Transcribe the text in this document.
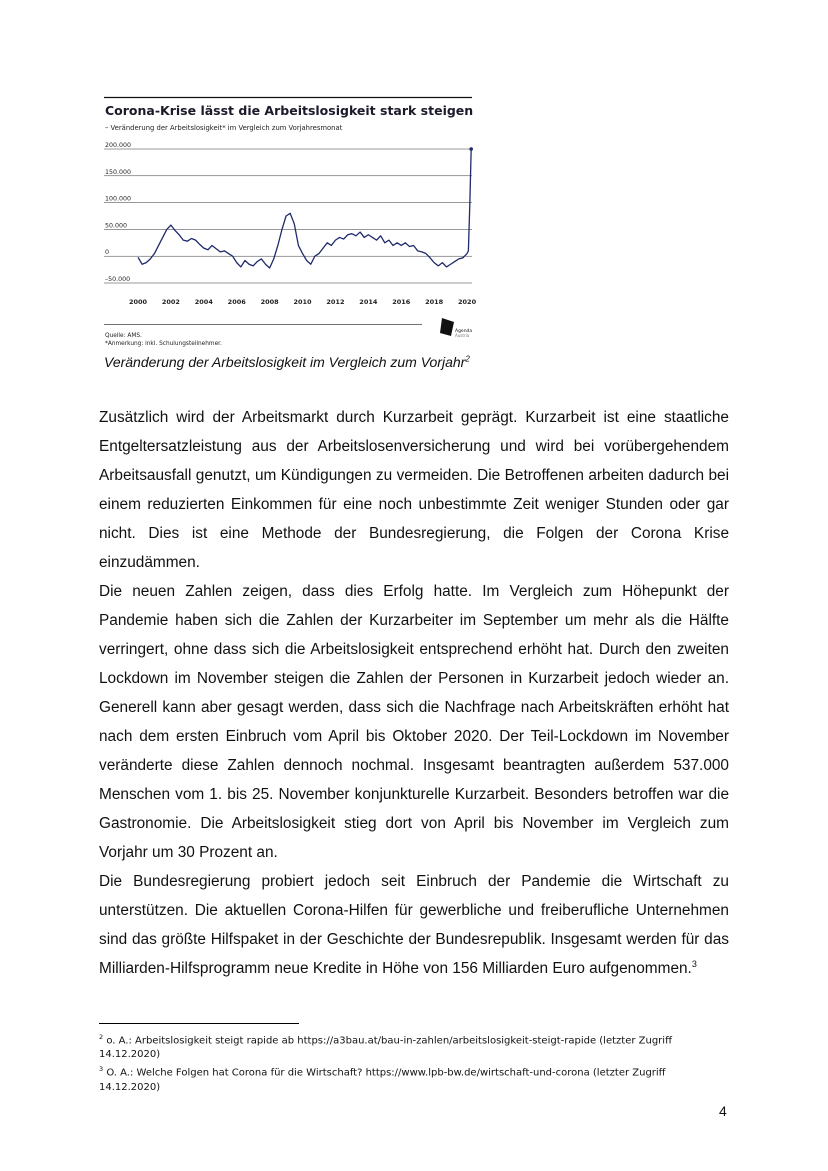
Corona-Krise lässt die Arbeitslosigkeit stark steigen
– Veränderung der Arbeitslosigkeit* im Vergleich zum Vorjahresmonat
–50.000
0
50.000
100.000
150.000
200.000
2000 2002 2004 2006 2008 2010 2012 2014 2016 2018 2020
Agenda
Austria
Quelle: AMS.
*Anmerkung: inkl. Schulungsteilnehmer.
Veränderung der Arbeitslosigkeit im Vergleich zum Vorjahr$^2$

Zusätzlich wird der Arbeitsmarkt durch Kurzarbeit geprägt. Kurzarbeit ist eine staatliche Entgeltersatzleistung aus der Arbeitslosenversicherung und wird bei vorübergehendem Arbeitsausfall genutzt, um Kündigungen zu vermeiden. Die Betroffenen arbeiten dadurch bei einem reduzierten Einkommen für eine noch unbestimmte Zeit weniger Stunden oder gar nicht. Dies ist eine Methode der Bundesregierung, die Folgen der Corona Krise einzudämmen.

Die neuen Zahlen zeigen, dass dies Erfolg hatte. Im Vergleich zum Höhepunkt der Pandemie haben sich die Zahlen der Kurzarbeiter im September um mehr als die Hälfte verringert, ohne dass sich die Arbeitslosigkeit entsprechend erhöht hat. Durch den zweiten Lockdown im November steigen die Zahlen der Personen in Kurzarbeit jedoch wieder an. Generell kann aber gesagt werden, dass sich die Nachfrage nach Arbeitskräften erhöht hat nach dem ersten Einbruch vom April bis Oktober 2020. Der Teil-Lockdown im November veränderte diese Zahlen dennoch nochmal. Insgesamt beantragten außerdem 537.000 Menschen vom 1. bis 25. November konjunkturelle Kurzarbeit. Besonders betroffen war die Gastronomie. Die Arbeitslosigkeit stieg dort von April bis November im Vergleich zum Vorjahr um 30 Prozent an.

Die Bundesregierung probiert jedoch seit Einbruch der Pandemie die Wirtschaft zu unterstützen. Die aktuellen Corona-Hilfen für gewerbliche und freiberufliche Unternehmen sind das größte Hilfspaket in der Geschichte der Bundesrepublik. Insgesamt werden für das Milliarden-Hilfsprogramm neue Kredite in Höhe von 156 Milliarden Euro aufgenommen.$^3$

$^2$ o. A.: Arbeitslosigkeit steigt rapide ab https://a3bau.at/bau-in-zahlen/arbeitslosigkeit-steigt-rapide (letzter Zugriff 14.12.2020)

$^3$ O. A.: Welche Folgen hat Corona für die Wirtschaft? https://www.lpb-bw.de/wirtschaft-und-corona (letzter Zugriff 14.12.2020)

4
